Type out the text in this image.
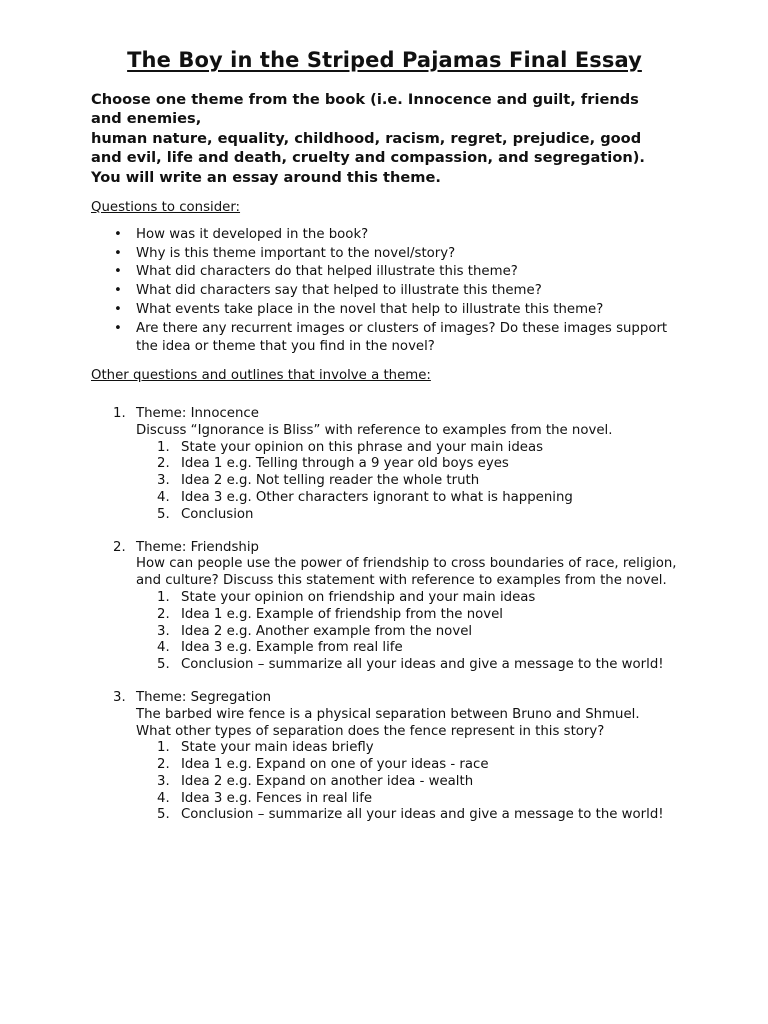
The Boy in the Striped Pajamas Final Essay
Choose one theme from the book (i.e. Innocence and guilt, friends
and enemies,
human nature, equality, childhood, racism, regret, prejudice, good
and evil, life and death, cruelty and compassion, and segregation).
You will write an essay around this theme.
Questions to consider:
• How was it developed in the book?
• Why is this theme important to the novel/story?
• What did characters do that helped illustrate this theme?
• What did characters say that helped to illustrate this theme?
• What events take place in the novel that help to illustrate this theme?
• Are there any recurrent images or clusters of images? Do these images support the idea or theme that you find in the novel?
Other questions and outlines that involve a theme:
1. Theme: Innocence
Discuss “Ignorance is Bliss” with reference to examples from the novel.
1. State your opinion on this phrase and your main ideas
2. Idea 1 e.g. Telling through a 9 year old boys eyes
3. Idea 2 e.g. Not telling reader the whole truth
4. Idea 3 e.g. Other characters ignorant to what is happening
5. Conclusion
2. Theme: Friendship
How can people use the power of friendship to cross boundaries of race, religion, and culture? Discuss this statement with reference to examples from the novel.
1. State your opinion on friendship and your main ideas
2. Idea 1 e.g. Example of friendship from the novel
3. Idea 2 e.g. Another example from the novel
4. Idea 3 e.g. Example from real life
5. Conclusion – summarize all your ideas and give a message to the world!
3. Theme: Segregation
The barbed wire fence is a physical separation between Bruno and Shmuel. What other types of separation does the fence represent in this story?
1. State your main ideas briefly
2. Idea 1 e.g. Expand on one of your ideas - race
3. Idea 2 e.g. Expand on another idea - wealth
4. Idea 3 e.g. Fences in real life
5. Conclusion – summarize all your ideas and give a message to the world!
